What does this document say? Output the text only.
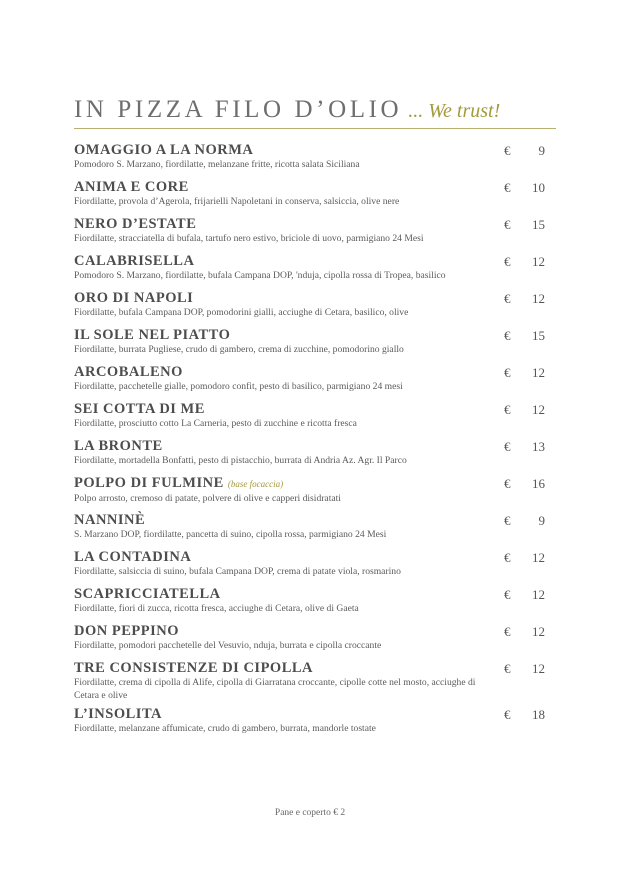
IN PIZZA FILO D’OLIO ... We trust!
OMAGGIO A LA NORMA
Pomodoro S. Marzano, fiordilatte, melanzane fritte, ricotta salata Siciliana
€	9
ANIMA E CORE
Fiordilatte, provola d’Agerola, frijarielli Napoletani in conserva, salsiccia, olive nere
€	10
NERO D’ESTATE
Fiordilatte, stracciatella di bufala, tartufo nero estivo, briciole di uovo, parmigiano 24 Mesi
€	15
CALABRISELLA
Pomodoro S. Marzano, fiordilatte, bufala Campana DOP, 'nduja, cipolla rossa di Tropea, basilico
€	12
ORO DI NAPOLI
Fiordilatte, bufala Campana DOP, pomodorini gialli, acciughe di Cetara, basilico, olive
€	12
IL SOLE NEL PIATTO
Fiordilatte, burrata Pugliese, crudo di gambero, crema di zucchine, pomodorino giallo
€	15
ARCOBALENO
Fiordilatte, pacchetelle gialle, pomodoro confit, pesto di basilico, parmigiano 24 mesi
€	12
SEI COTTA DI ME
Fiordilatte, prosciutto cotto La Carneria, pesto di zucchine e ricotta fresca
€	12
LA BRONTE
Fiordilatte, mortadella Bonfatti, pesto di pistacchio, burrata di Andria Az. Agr. Il Parco
€	13
POLPO DI FULMINE (base focaccia)
Polpo arrosto, cremoso di patate, polvere di olive e capperi disidratati
€	16
NANNINÈ
S. Marzano DOP, fiordilatte, pancetta di suino, cipolla rossa, parmigiano 24 Mesi
€	9
LA CONTADINA
Fiordilatte, salsiccia di suino, bufala Campana DOP, crema di patate viola, rosmarino
€	12
SCAPRICCIATELLA
Fiordilatte, fiori di zucca, ricotta fresca, acciughe di Cetara, olive di Gaeta
€	12
DON PEPPINO
Fiordilatte, pomodori pacchetelle del Vesuvio, nduja, burrata e cipolla croccante
€	12
TRE CONSISTENZE DI CIPOLLA
Fiordilatte, crema di cipolla di Alife, cipolla di Giarratana croccante, cipolle cotte nel mosto, acciughe di Cetara e olive
€	12
L’INSOLITA
Fiordilatte, melanzane affumicate, crudo di gambero, burrata, mandorle tostate
€	18
Pane e coperto € 2
